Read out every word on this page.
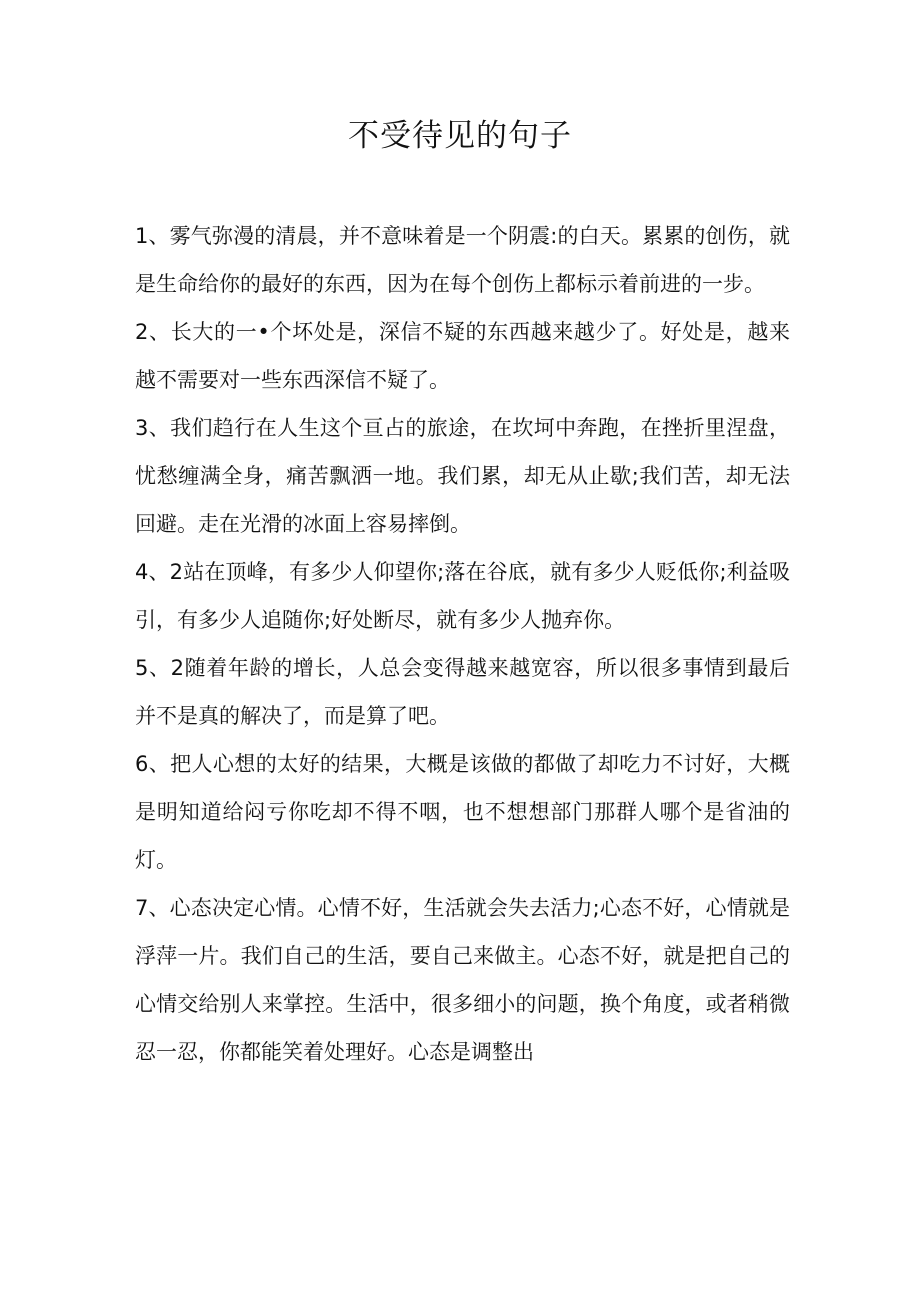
不受待见的句子

1、雾气弥漫的清晨，并不意味着是一个阴震:的白天。累累的创伤，就是生命给你的最好的东西，因为在每个创伤上都标示着前进的一步。

2、长大的一•个坏处是，深信不疑的东西越来越少了。好处是，越来越不需要对一些东西深信不疑了。

3、我们趋行在人生这个亘占的旅途，在坎坷中奔跑，在挫折里涅盘，忧愁缠满全身，痛苦飘洒一地。我们累，却无从止歇;我们苦，却无法回避。走在光滑的冰面上容易摔倒。

4、2站在顶峰，有多少人仰望你;落在谷底，就有多少人贬低你;利益吸引，有多少人追随你;好处断尽，就有多少人抛弃你。

5、2随着年龄的增长，人总会变得越来越宽容，所以很多事情到最后并不是真的解决了，而是算了吧。

6、把人心想的太好的结果，大概是该做的都做了却吃力不讨好，大概是明知道给闷亏你吃却不得不咽，也不想想部门那群人哪个是省油的灯。

7、心态决定心情。心情不好，生活就会失去活力;心态不好，心情就是浮萍一片。我们自己的生活，要自己来做主。心态不好，就是把自己的心情交给别人来掌控。生活中，很多细小的问题，换个角度，或者稍微忍一忍，你都能笑着处理好。心态是调整出
